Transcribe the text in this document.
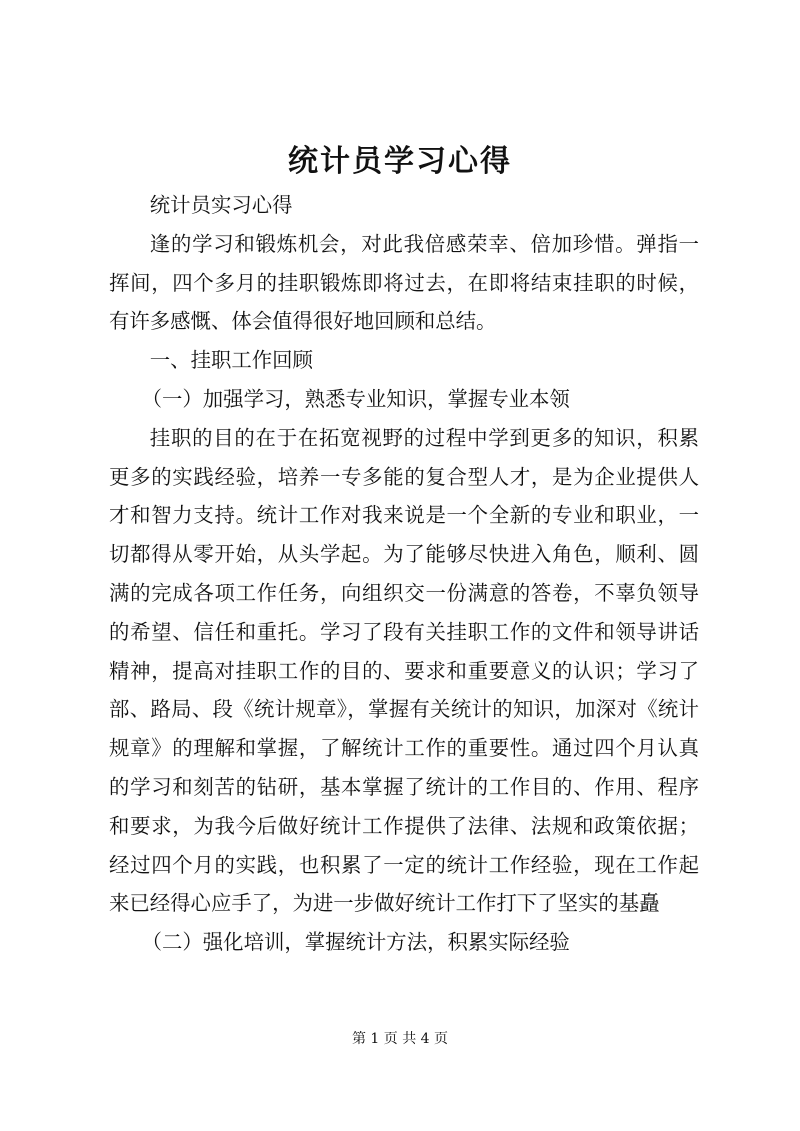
统计员学习心得

统计员实习心得

逢的学习和锻炼机会，对此我倍感荣幸、倍加珍惜。弹指一挥间，四个多月的挂职锻炼即将过去，在即将结束挂职的时候，有许多感慨、体会值得很好地回顾和总结。

一、挂职工作回顾

（一）加强学习，熟悉专业知识，掌握专业本领

挂职的目的在于在拓宽视野的过程中学到更多的知识，积累更多的实践经验，培养一专多能的复合型人才，是为企业提供人才和智力支持。统计工作对我来说是一个全新的专业和职业，一切都得从零开始，从头学起。为了能够尽快进入角色，顺利、圆满的完成各项工作任务，向组织交一份满意的答卷，不辜负领导的希望、信任和重托。学习了段有关挂职工作的文件和领导讲话精神，提高对挂职工作的目的、要求和重要意义的认识；学习了部、路局、段《统计规章》，掌握有关统计的知识，加深对《统计规章》的理解和掌握，了解统计工作的重要性。通过四个月认真的学习和刻苦的钻研，基本掌握了统计的工作目的、作用、程序和要求，为我今后做好统计工作提供了法律、法规和政策依据；经过四个月的实践，也积累了一定的统计工作经验，现在工作起来已经得心应手了，为进一步做好统计工作打下了坚实的基矗

（二）强化培训，掌握统计方法，积累实际经验

第 1 页 共 4 页
